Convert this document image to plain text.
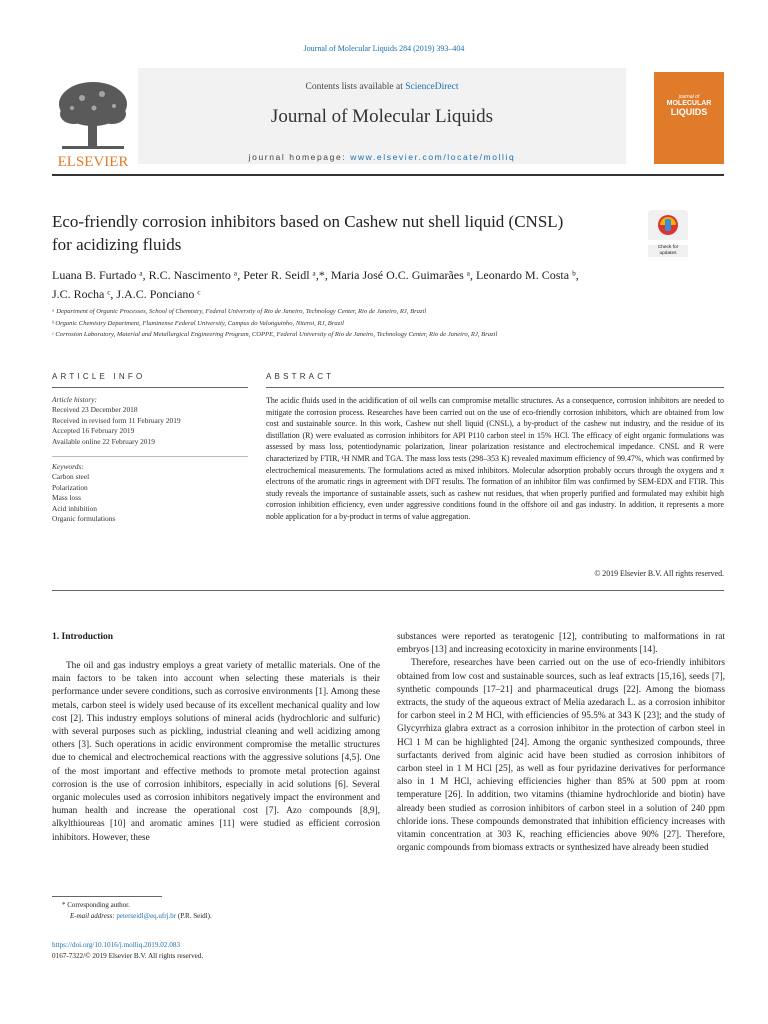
Journal of Molecular Liquids 284 (2019) 393–404
ELSEVIER
Contents lists available at ScienceDirect
Journal of Molecular Liquids
journal homepage: www.elsevier.com/locate/molliq
journal of
MOLECULAR
LIQUIDS
Eco-friendly corrosion inhibitors based on Cashew nut shell liquid (CNSL)
for acidizing fluids	Check for
updates
Luana B. Furtado ᵃ, R.C. Nascimento ᵃ, Peter R. Seidl ᵃ,*, Maria José O.C. Guimarães ᵃ, Leonardo M. Costa ᵇ,
J.C. Rocha ᶜ, J.A.C. Ponciano ᶜ
ᵃ Department of Organic Processes, School of Chemistry, Federal University of Rio de Janeiro, Technology Center, Rio de Janeiro, RJ, Brazil
ᵇ Organic Chemistry Department, Fluminense Federal University, Campus do Valonguinho, Niteroi, RJ, Brazil
ᶜ Corrosion Laboratory, Material and Metallurgical Engineering Program, COPPE, Federal University of Rio de Janeiro, Technology Center, Rio de Janeiro, RJ, Brazil
ARTICLE INFO
Article history:
Received 23 December 2018
Received in revised form 11 February 2019
Accepted 16 February 2019
Available online 22 February 2019
Keywords:
Carbon steel
Polarization
Mass loss
Acid inhibition
Organic formulations
ABSTRACT
The acidic fluids used in the acidification of oil wells can compromise metallic structures. As a consequence, corrosion inhibitors are needed to mitigate the corrosion process. Researches have been carried out on the use of eco-friendly corrosion inhibitors, which are obtained from low cost and sustainable source. In this work, Cashew nut shell liquid (CNSL), a by-product of the cashew nut industry, and the residue of its distillation (R) were evaluated as corrosion inhibitors for API P110 carbon steel in 15% HCl. The efficacy of eight organic formulations was assessed by mass loss, potentiodynamic polarization, linear polarization resistance and electrochemical impedance. CNSL and R were characterized by FTIR, ¹H NMR and TGA. The mass loss tests (298–353 K) revealed maximum efficiency of 99.47%, which was confirmed by electrochemical measurements. The formulations acted as mixed inhibitors. Molecular adsorption probably occurs through the oxygens and π electrons of the aromatic rings in agreement with DFT results. The formation of an inhibitor film was confirmed by SEM-EDX and FTIR. This study reveals the importance of sustainable assets, such as cashew nut residues, that when properly purified and formulated may exhibit high corrosion inhibition efficiency, even under aggressive conditions found in the offshore oil and gas industry. In addition, it represents a more noble application for a by-product in terms of value aggregation.
© 2019 Elsevier B.V. All rights reserved.
1. Introduction

The oil and gas industry employs a great variety of metallic materials. One of the main factors to be taken into account when selecting these materials is their performance under severe conditions, such as corrosive environments [1]. Among these metals, carbon steel is widely used because of its excellent mechanical quality and low cost [2]. This industry employs solutions of mineral acids (hydrochloric and sulfuric) with several purposes such as pickling, industrial cleaning and well acidizing among others [3]. Such operations in acidic environment compromise the metallic structures due to chemical and electrochemical reactions with the aggressive solutions [4,5]. One of the most important and effective methods to promote metal protection against corrosion is the use of corrosion inhibitors, especially in acid solutions [6]. Several organic molecules used as corrosion inhibitors negatively impact the environment and human health and increase the operational cost [7]. Azo compounds [8,9], alkylthioureas [10] and aromatic amines [11] were studied as efficient corrosion inhibitors. However, these

substances were reported as teratogenic [12], contributing to malformations in rat embryos [13] and increasing ecotoxicity in marine environments [14].

Therefore, researches have been carried out on the use of eco-friendly inhibitors obtained from low cost and sustainable sources, such as leaf extracts [15,16], seeds [7], synthetic compounds [17–21] and pharmaceutical drugs [22]. Among the biomass extracts, the study of the aqueous extract of Melia azedarach L. as a corrosion inhibitor for carbon steel in 2 M HCl, with efficiencies of 95.5% at 343 K [23]; and the study of Glycyrrhiza glabra extract as a corrosion inhibitor in the protection of carbon steel in HCl 1 M can be highlighted [24]. Among the organic synthesized compounds, three surfactants derived from alginic acid have been studied as corrosion inhibitors of carbon steel in 1 M HCl [25], as well as four pyridazine derivatives for performance also in 1 M HCl, achieving efficiencies higher than 85% at 500 ppm at room temperature [26]. In addition, two vitamins (thiamine hydrochloride and biotin) have already been studied as corrosion inhibitors of carbon steel in a solution of 240 ppm chloride ions. These compounds demonstrated that inhibition efficiency increases with vitamin concentration at 303 K, reaching efficiencies above 90% [27]. Therefore, organic compounds from biomass extracts or synthesized have already been studied

* Corresponding author.
E-mail address: peterseidl@eq.ufrj.br (P.R. Seidl).
https://doi.org/10.1016/j.molliq.2019.02.083
0167-7322/© 2019 Elsevier B.V. All rights reserved.
